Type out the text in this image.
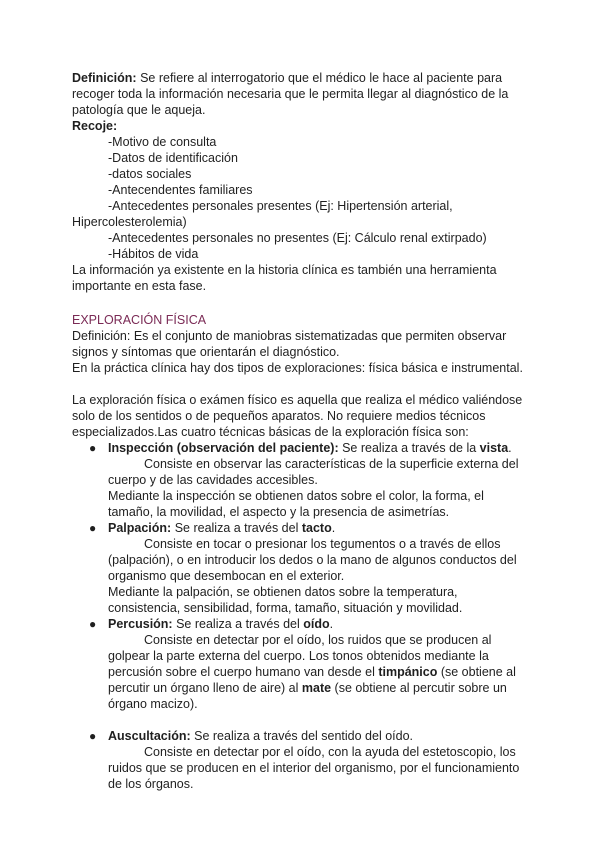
Definición: Se refiere al interrogatorio que el médico le hace al paciente para recoger toda la información necesaria que le permita llegar al diagnóstico de la patología que le aqueja.

Recoje:

-Motivo de consulta

-Datos de identificación

-datos sociales

-Antecendentes familiares

-Antecedentes personales presentes (Ej: Hipertensión arterial,

Hipercolesterolemia)

-Antecedentes personales no presentes (Ej: Cálculo renal extirpado)

-Hábitos de vida

La información ya existente en la historia clínica es también una herramienta importante en esta fase.

EXPLORACIÓN FÍSICA

Definición: Es el conjunto de maniobras sistematizadas que permiten observar signos y síntomas que orientarán el diagnóstico.

En la práctica clínica hay dos tipos de exploraciones: física básica e instrumental.

La exploración física o exámen físico es aquella que realiza el médico valiéndose solo de los sentidos o de pequeños aparatos. No requiere medios técnicos especializados.Las cuatro técnicas básicas de la exploración física son:

● Inspección (observación del paciente): Se realiza a través de la vista.

Consiste en observar las características de la superficie externa del cuerpo y de las cavidades accesibles.

Mediante la inspección se obtienen datos sobre el color, la forma, el tamaño, la movilidad, el aspecto y la presencia de asimetrías.

● Palpación: Se realiza a través del tacto.

Consiste en tocar o presionar los tegumentos o a través de ellos (palpación), o en introducir los dedos o la mano de algunos conductos del organismo que desembocan en el exterior.

Mediante la palpación, se obtienen datos sobre la temperatura, consistencia, sensibilidad, forma, tamaño, situación y movilidad.

● Percusión: Se realiza a través del oído.

Consiste en detectar por el oído, los ruidos que se producen al golpear la parte externa del cuerpo. Los tonos obtenidos mediante la percusión sobre el cuerpo humano van desde el timpánico (se obtiene al percutir un órgano lleno de aire) al mate (se obtiene al percutir sobre un órgano macizo).

● Auscultación: Se realiza a través del sentido del oído.

Consiste en detectar por el oído, con la ayuda del estetoscopio, los ruidos que se producen en el interior del organismo, por el funcionamiento de los órganos.
